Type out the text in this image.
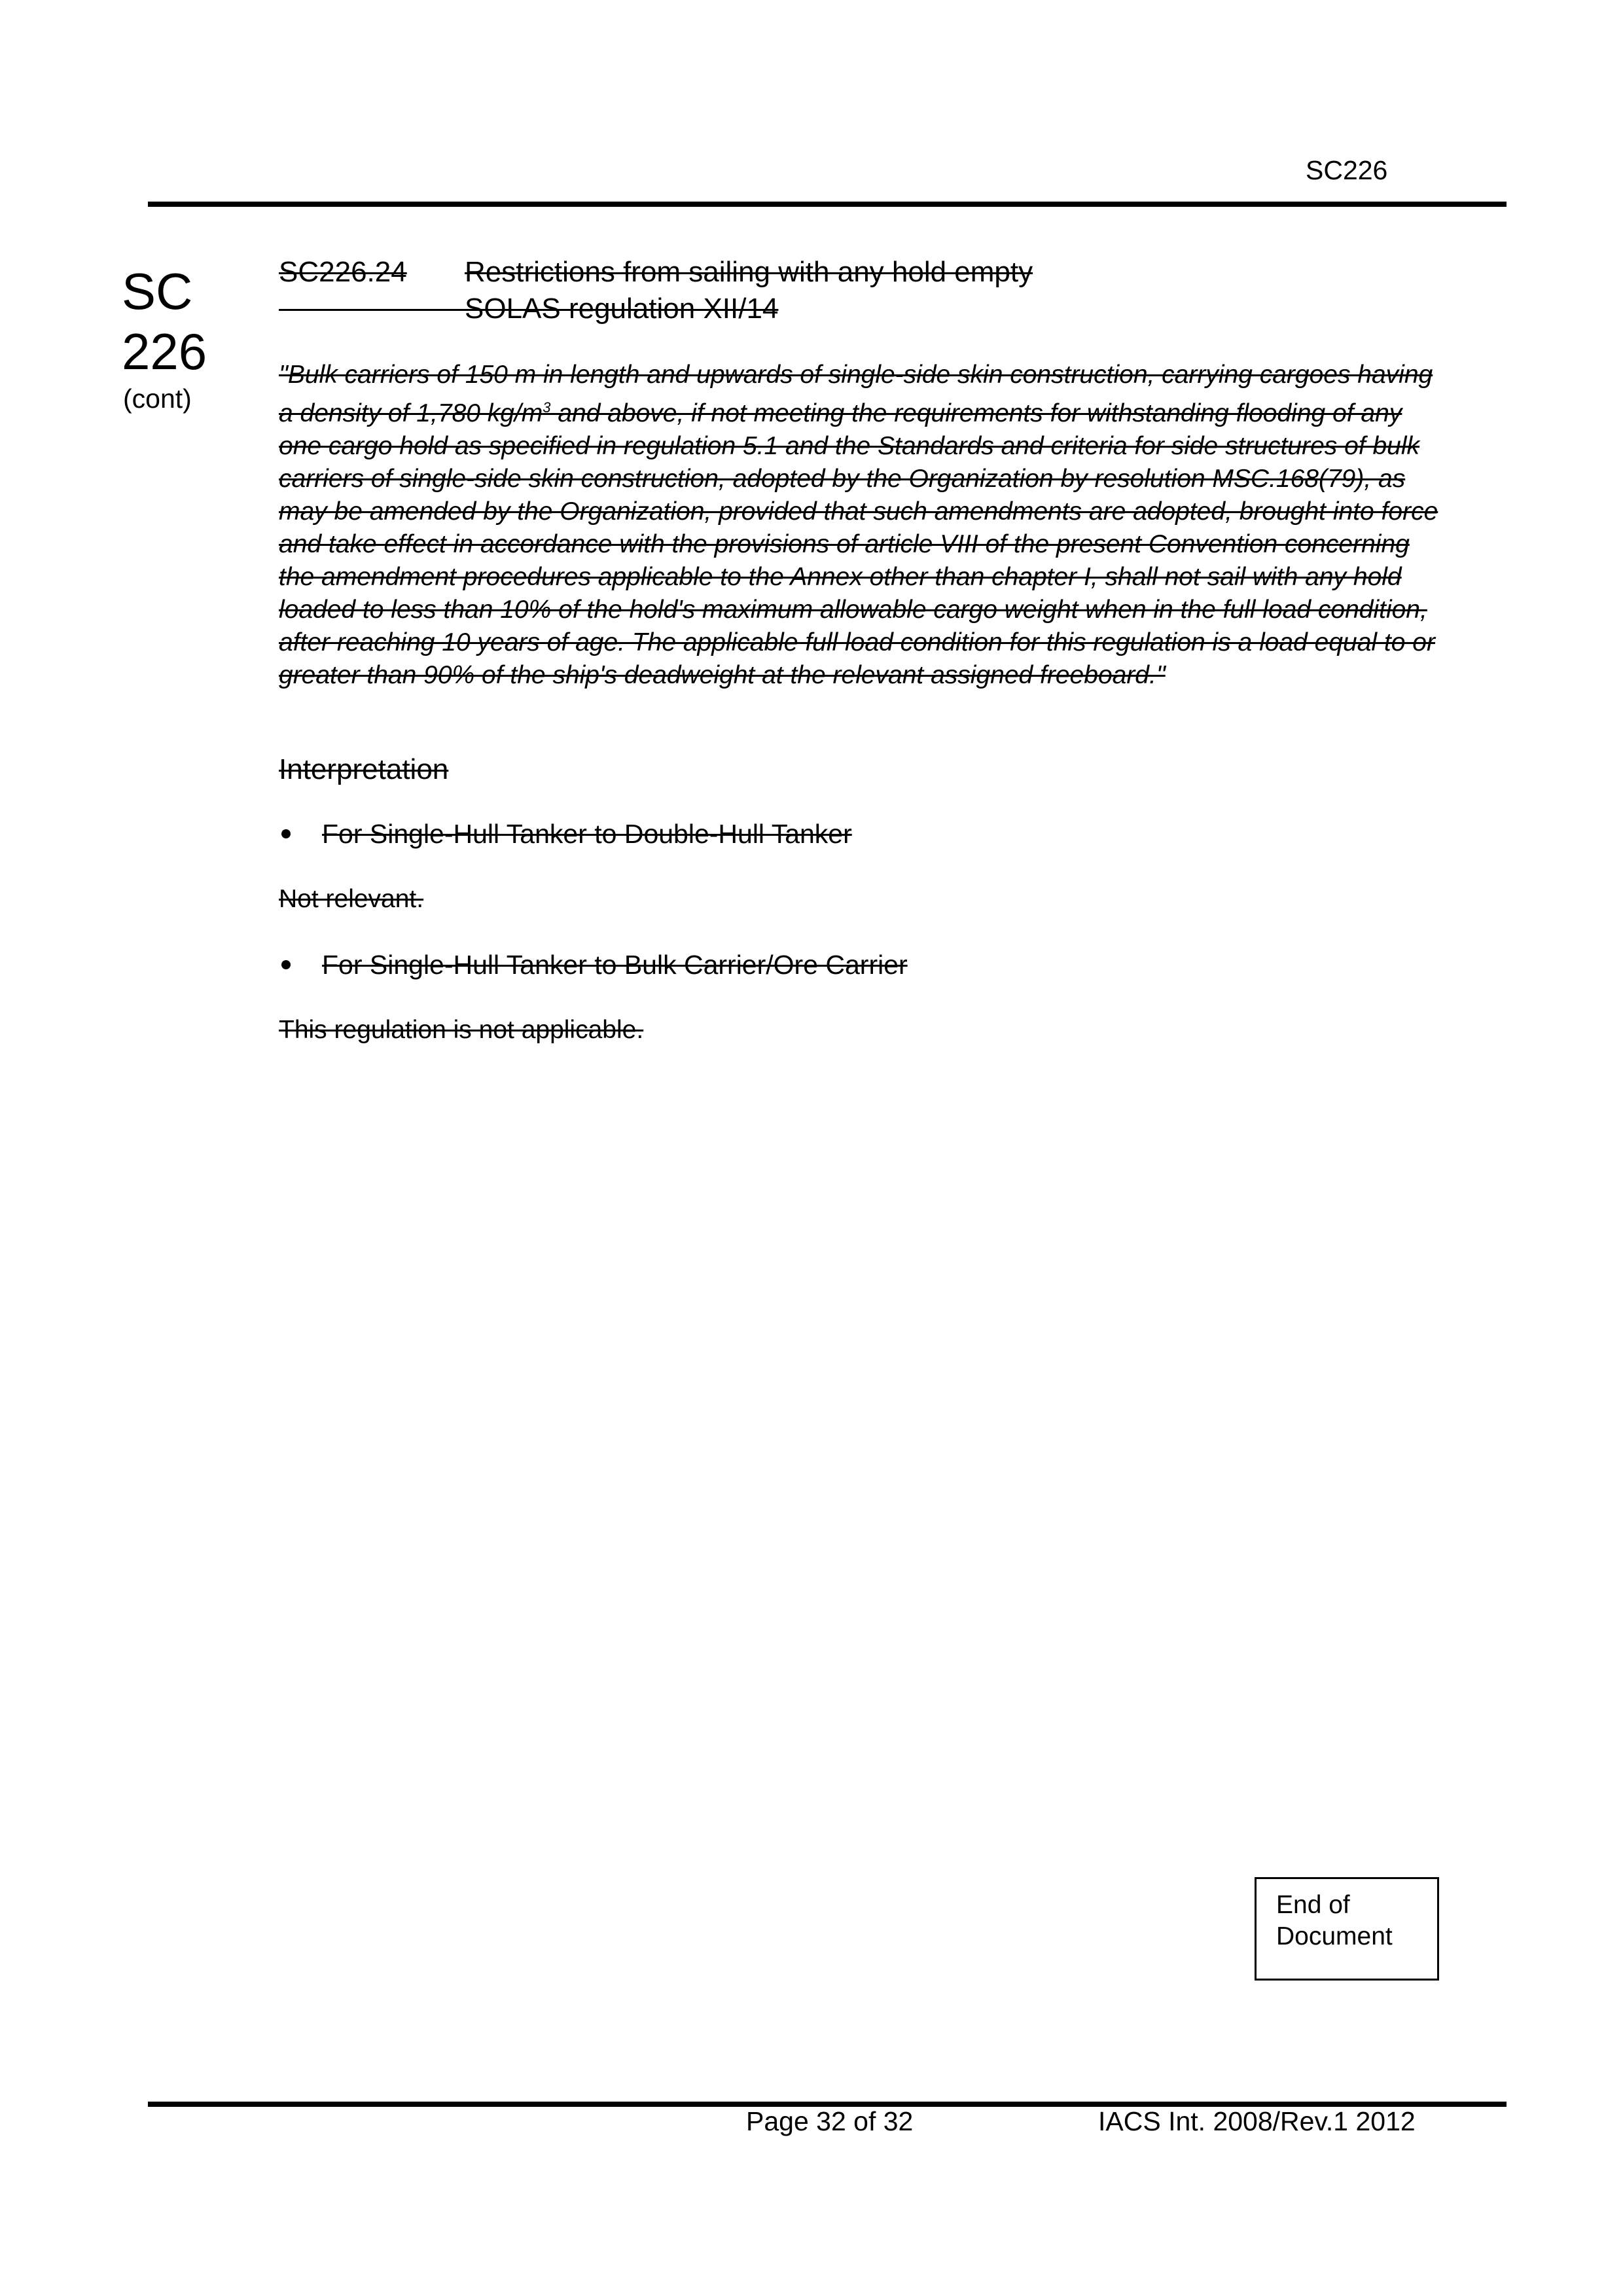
SC226
SC
226
(cont)
SC226.24 Restrictions from sailing with any hold empty
SOLAS regulation XII/14

"Bulk carriers of 150 m in length and upwards of single-side skin construction, carrying cargoes having a density of 1,780 $kg/m^3$ and above, if not meeting the requirements for withstanding flooding of any one cargo hold as specified in regulation 5.1 and the Standards and criteria for side structures of bulk carriers of single-side skin construction, adopted by the Organization by resolution MSC.168(79), as may be amended by the Organization, provided that such amendments are adopted, brought into force and take effect in accordance with the provisions of article VIII of the present Convention concerning the amendment procedures applicable to the Annex other than chapter I, shall not sail with any hold loaded to less than 10% of the hold's maximum allowable cargo weight when in the full load condition, after reaching 10 years of age. The applicable full load condition for this regulation is a load equal to or greater than 90% of the ship's deadweight at the relevant assigned freeboard."

Interpretation
For Single-Hull Tanker to Double-Hull Tanker
Not relevant.
For Single-Hull Tanker to Bulk Carrier/Ore Carrier
This regulation is not applicable.
End of
Document
Page 32 of 32	IACS Int. 2008/Rev.1 2012
